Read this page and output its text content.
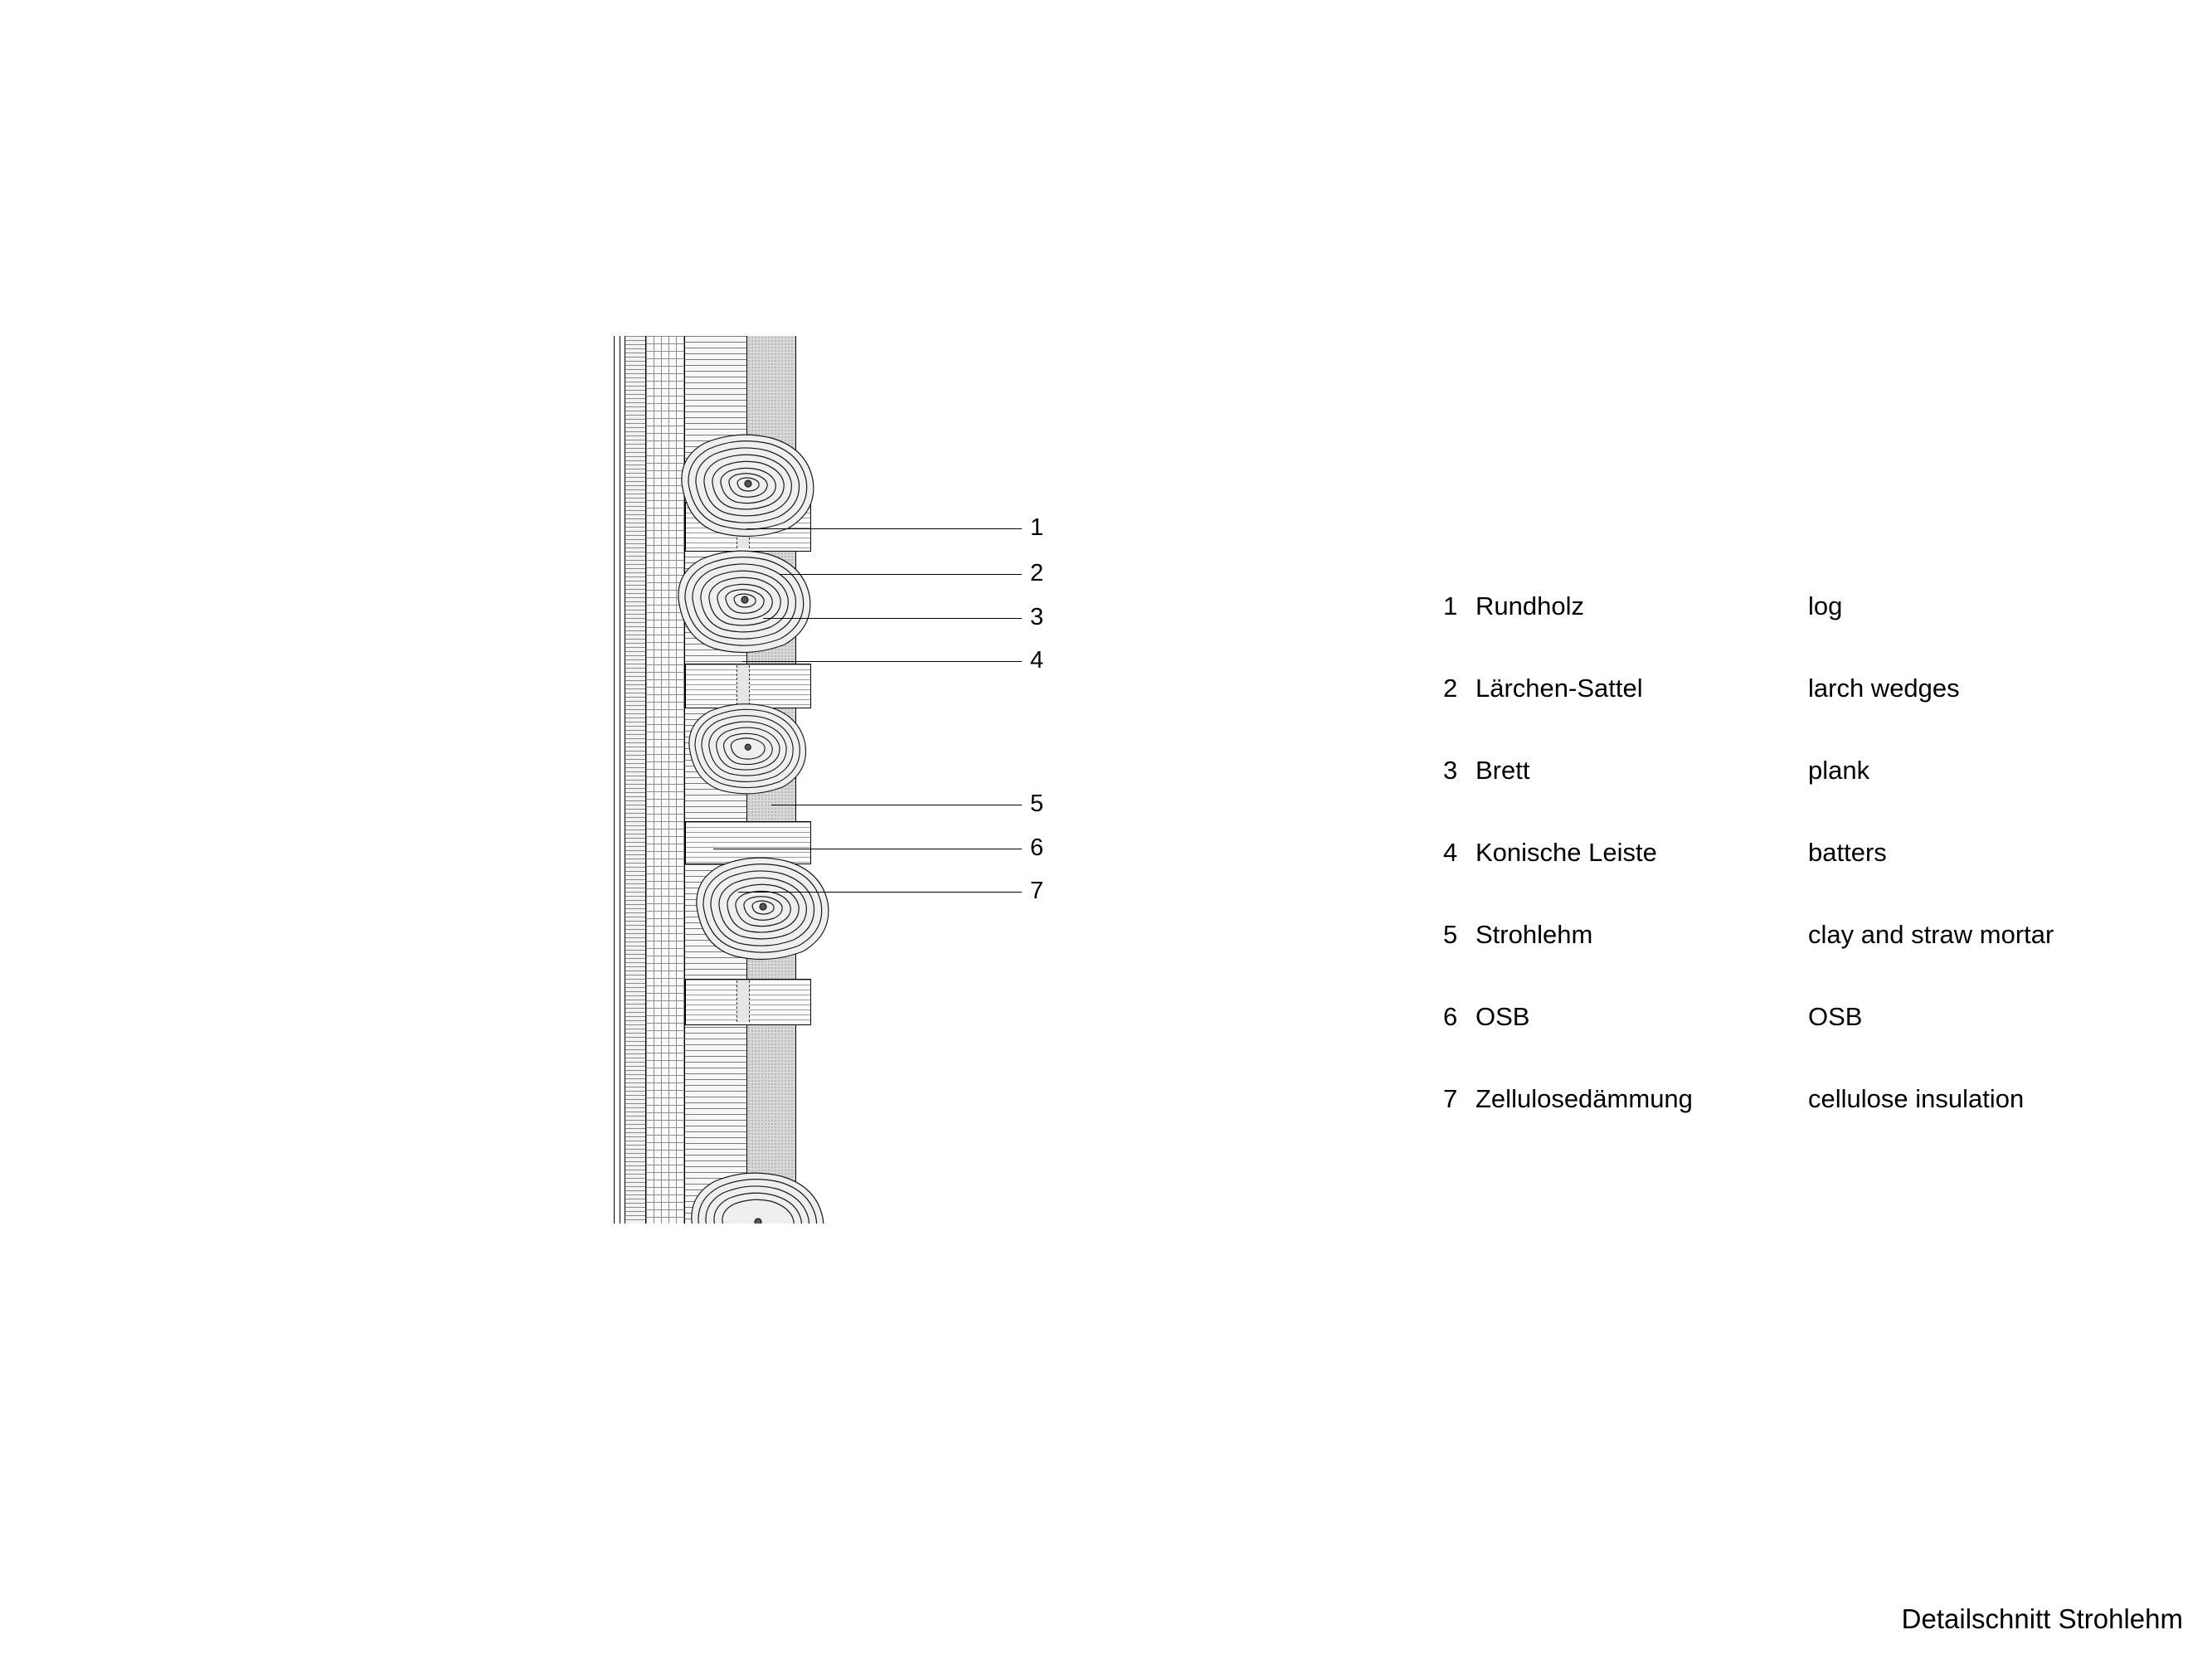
1
2
3
4
5
6
7
1 Rundholz	log
2 Lärchen-Sattel	larch wedges
3 Brett	plank
4 Konische Leiste	batters
5 Strohlehm	clay and straw mortar
6 OSB	OSB
7 Zellulosedämmung	cellulose insulation
Detailschnitt Strohlehm
